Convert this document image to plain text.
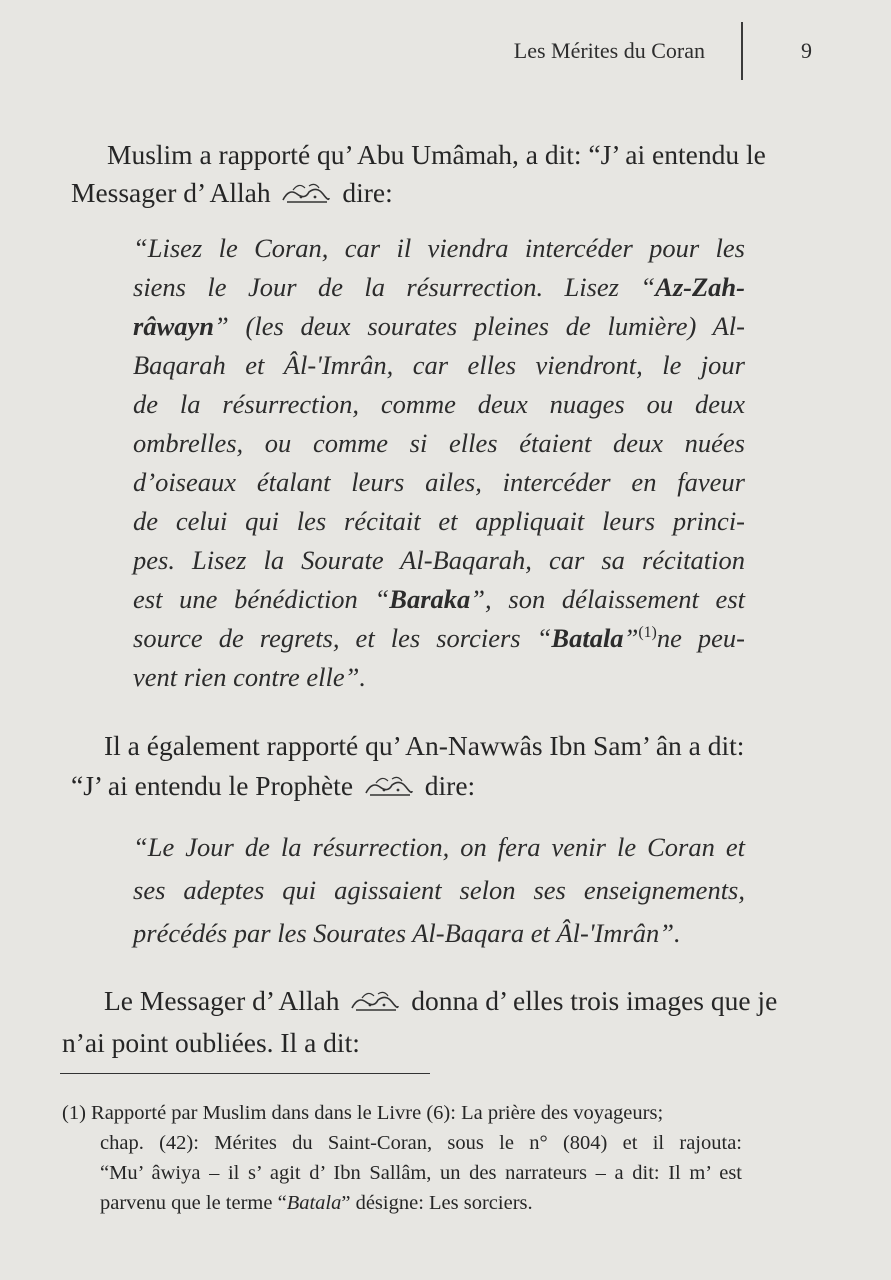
Les Mérites du Coran	9
Muslim a rapporté qu’ Abu Umâmah, a dit: “J’ ai entendu le
Messager d’ Allah	dire:
“Lisez le Coran, car il viendra intercéder pour les
siens le Jour de la résurrection. Lisez “Az-Zah-
râwayn” (les deux sourates pleines de lumière) Al-
Baqarah et Âl-'Imrân, car elles viendront, le jour
de la résurrection, comme deux nuages ou deux
ombrelles, ou comme si elles étaient deux nuées
d’oiseaux étalant leurs ailes, intercéder en faveur
de celui qui les récitait et appliquait leurs princi-
pes. Lisez la Sourate Al-Baqarah, car sa récitation
est une bénédiction “Baraka”, son délaissement est
source de regrets, et les sorciers “Batala”$^{(1)}$ne peu-
vent rien contre elle”.
Il a également rapporté qu’ An-Nawwâs Ibn Sam’ ân a dit:
“J’ ai entendu le Prophète	dire:
“Le Jour de la résurrection, on fera venir le Coran et
ses adeptes qui agissaient selon ses enseignements,
précédés par les Sourates Al-Baqara et Âl-'Imrân”.
Le Messager d’ Allah	donna d’ elles trois images que je
n’ai point oubliées. Il a dit:
(1) Rapporté par Muslim dans dans le Livre (6): La prière des voyageurs;
chap. (42): Mérites du Saint-Coran, sous le n° (804) et il rajouta:
“Mu’ âwiya – il s’ agit d’ Ibn Sallâm, un des narrateurs – a dit: Il m’ est
parvenu que le terme “Batala” désigne: Les sorciers.
